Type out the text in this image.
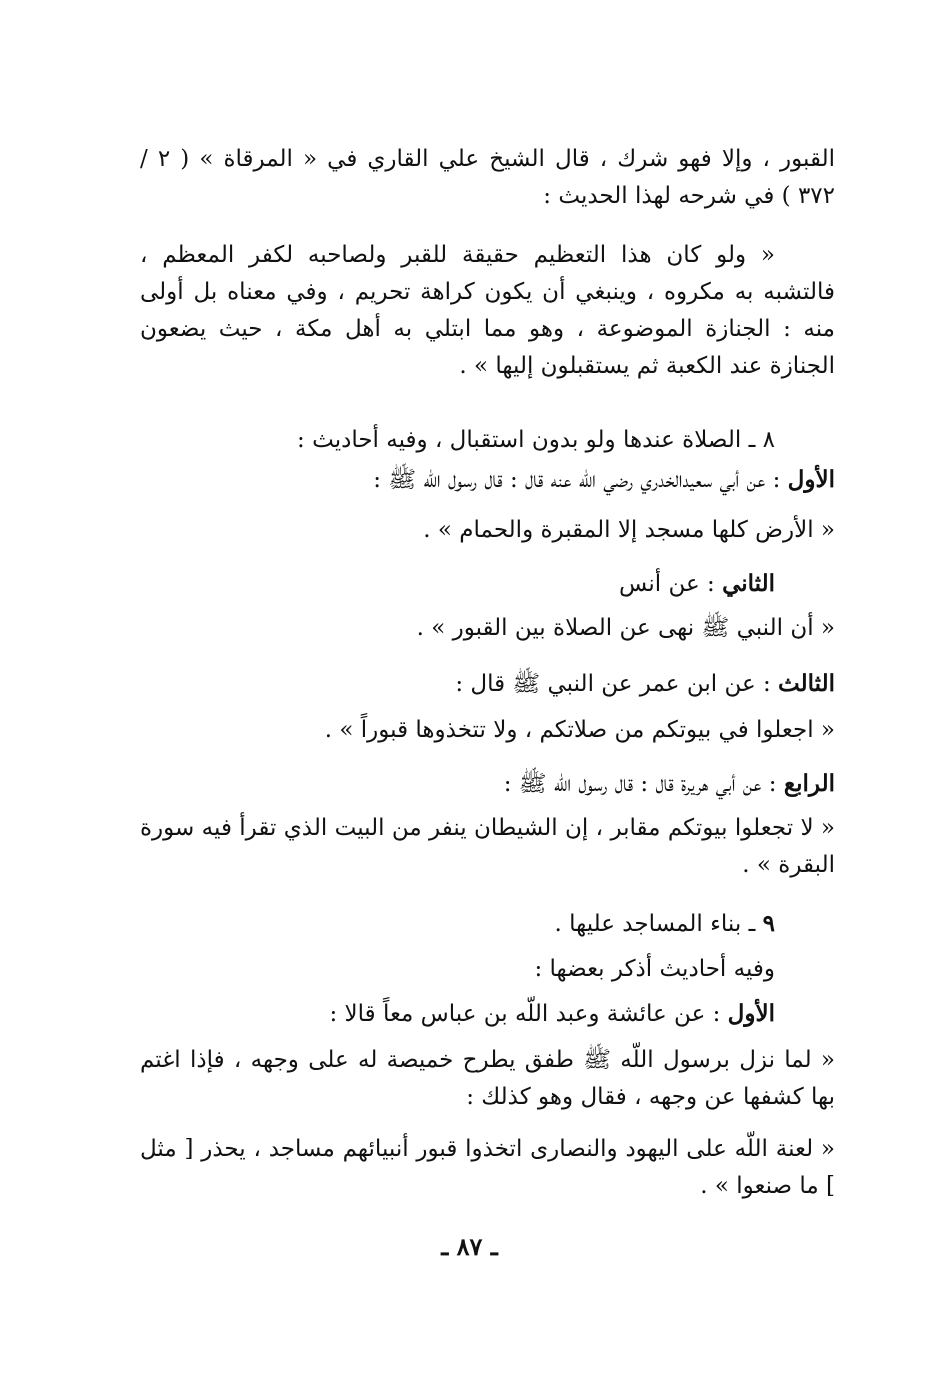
القبور ، وإلا فهو شرك ، قال الشيخ علي القاري في « المرقاة » ( ٢ / ٣٧٢ ) في شرحه لهذا الحديث :
« ولو كان هذا التعظيم حقيقة للقبر ولصاحبه لكفر المعظم ، فالتشبه به مكروه ، وينبغي أن يكون كراهة تحريم ، وفي معناه بل أولى منه : الجنازة الموضوعة ، وهو مما ابتلي به أهل مكة ، حيث يضعون الجنازة عند الكعبة ثم يستقبلون إليها » .
٨ ـ الصلاة عندها ولو بدون استقبال ، وفيه أحاديث :
الأول : عن أبي سعيدالخدري رضي اللّه عنه قال : قال رسول اللّه ﷺ :
« الأرض كلها مسجد إلا المقبرة والحمام » .
الثاني : عن أنس
« أن النبي ﷺ نهى عن الصلاة بين القبور » .
الثالث : عن ابن عمر عن النبي ﷺ قال :
« اجعلوا في بيوتكم من صلاتكم ، ولا تتخذوها قبوراً » .
الرابع : عن أبي هريرة قال : قال رسول اللّه ﷺ :
« لا تجعلوا بيوتكم مقابر ، إن الشيطان ينفر من البيت الذي تقرأ فيه سورة البقرة » .
٩ ـ بناء المساجد عليها .
وفيه أحاديث أذكر بعضها :
الأول : عن عائشة وعبد اللّه بن عباس معاً قالا :
« لما نزل برسول اللّه ﷺ طفق يطرح خميصة له على وجهه ، فإذا اغتم بها كشفها عن وجهه ، فقال وهو كذلك :
« لعنة اللّه على اليهود والنصارى اتخذوا قبور أنبيائهم مساجد ، يحذر [ مثل ] ما صنعوا » .
ـ ٨٧ ـ
